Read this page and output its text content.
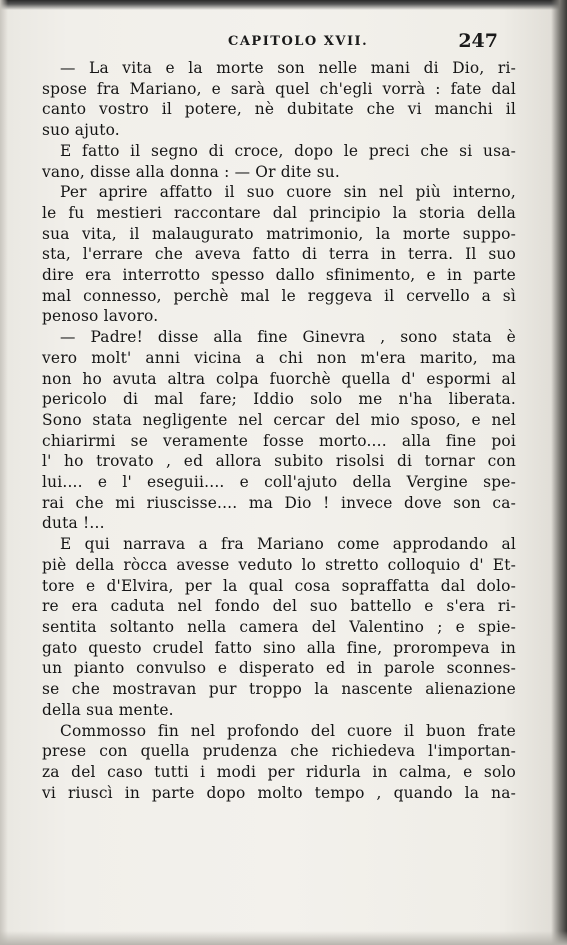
CAPITOLO XVII.	247
— La vita e la morte son nelle mani di Dio, ri-
spose fra Mariano, e sarà quel ch'egli vorrà : fate dal
canto vostro il potere, nè dubitate che vi manchi il
suo ajuto.
E fatto il segno di croce, dopo le preci che si usa-
vano, disse alla donna : — Or dite su.
Per aprire affatto il suo cuore sin nel più interno,
le fu mestieri raccontare dal principio la storia della
sua vita, il malaugurato matrimonio, la morte suppo-
sta, l'errare che aveva fatto di terra in terra. Il suo
dire era interrotto spesso dallo sfinimento, e in parte
mal connesso, perchè mal le reggeva il cervello a sì
penoso lavoro.
— Padre! disse alla fine Ginevra , sono stata è
vero molt' anni vicina a chi non m'era marito, ma
non ho avuta altra colpa fuorchè quella d' espormi al
pericolo di mal fare; Iddio solo me n'ha liberata.
Sono stata negligente nel cercar del mio sposo, e nel
chiarirmi se veramente fosse morto.... alla fine poi
l' ho trovato , ed allora subito risolsi di tornar con
lui.... e l' eseguii.... e coll'ajuto della Vergine spe-
rai che mi riuscisse.... ma Dio ! invece dove son ca-
duta !...
E qui narrava a fra Mariano come approdando al
piè della ròcca avesse veduto lo stretto colloquio d' Et-
tore e d'Elvira, per la qual cosa sopraffatta dal dolo-
re era caduta nel fondo del suo battello e s'era ri-
sentita soltanto nella camera del Valentino ; e spie-
gato questo crudel fatto sino alla fine, prorompeva in
un pianto convulso e disperato ed in parole sconnes-
se che mostravan pur troppo la nascente alienazione
della sua mente.
Commosso fin nel profondo del cuore il buon frate
prese con quella prudenza che richiedeva l'importan-
za del caso tutti i modi per ridurla in calma, e solo
vi riuscì in parte dopo molto tempo , quando la na-
